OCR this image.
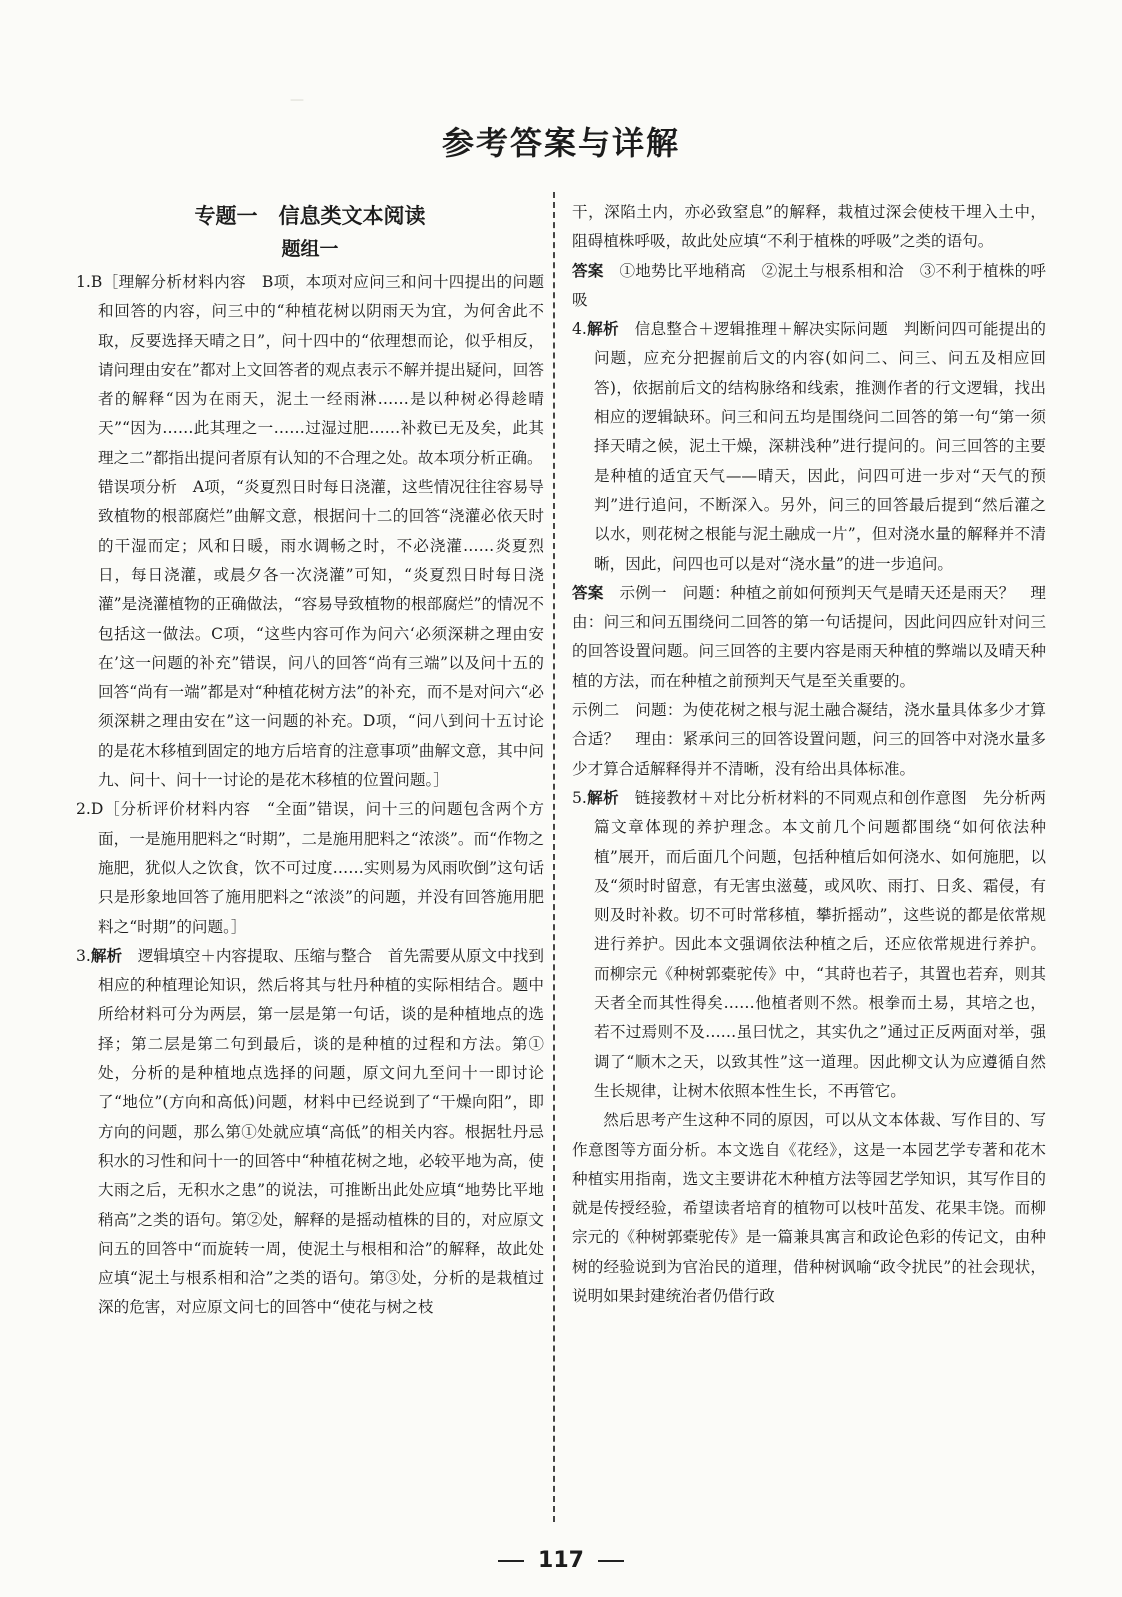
—
参考答案与详解
专题一　信息类文本阅读
题组一

1.B［理解分析材料内容　B项，本项对应问三和问十四提出的问题和回答的内容，问三中的“种植花树以阴雨天为宜，为何舍此不取，反要选择天晴之日”，问十四中的“依理想而论，似乎相反，请问理由安在”都对上文回答者的观点表示不解并提出疑问，回答者的解释“因为在雨天，泥土一经雨淋……是以种树必得趁晴天”“因为……此其理之一……过湿过肥……补救已无及矣，此其理之二”都指出提问者原有认知的不合理之处。故本项分析正确。

错误项分析　 A项，“炎夏烈日时每日浇灌，这些情况往往容易导致植物的根部腐烂”曲解文意，根据问十二的回答“浇灌必依天时的干湿而定；风和日暖，雨水调畅之时，不必浇灌……炎夏烈日，每日浇灌，或晨夕各一次浇灌”可知，“炎夏烈日时每日浇灌”是浇灌植物的正确做法，“容易导致植物的根部腐烂”的情况不包括这一做法。C项，“这些内容可作为问六‘必须深耕之理由安在’这一问题的补充”错误，问八的回答“尚有三端”以及问十五的回答“尚有一端”都是对“种植花树方法”的补充，而不是对问六“必须深耕之理由安在”这一问题的补充。D项，“问八到问十五讨论的是花木移植到固定的地方后培育的注意事项”曲解文意，其中问九、问十、问十一讨论的是花木移植的位置问题。］

2.D［分析评价材料内容　“全面”错误，问十三的问题包含两个方面，一是施用肥料之“时期”，二是施用肥料之“浓淡”。而“作物之施肥，犹似人之饮食，饮不可过度……实则易为风雨吹倒”这句话只是形象地回答了施用肥料之“浓淡”的问题，并没有回答施用肥料之“时期”的问题。］

3.解析　 逻辑填空＋内容提取、压缩与整合　首先需要从原文中找到相应的种植理论知识，然后将其与牡丹种植的实际相结合。题中所给材料可分为两层，第一层是第一句话，谈的是种植地点的选择；第二层是第二句到最后，谈的是种植的过程和方法。第①处，分析的是种植地点选择的问题，原文问九至问十一即讨论了“地位”(方向和高低)问题，材料中已经说到了“干燥向阳”，即方向的问题，那么第①处就应填“高低”的相关内容。根据牡丹忌积水的习性和问十一的回答中“种植花树之地，必较平地为高，使大雨之后，无积水之患”的说法，可推断出此处应填“地势比平地稍高”之类的语句。第②处，解释的是摇动植株的目的，对应原文问五的回答中“而旋转一周，使泥土与根相和洽”的解释，故此处应填“泥土与根系相和洽”之类的语句。第③处，分析的是栽植过深的危害，对应原文问七的回答中“使花与树之枝

干，深陷土内，亦必致窒息”的解释，栽植过深会使枝干埋入土中，阻碍植株呼吸，故此处应填“不利于植株的呼吸”之类的语句。

答案　 ①地势比平地稍高　②泥土与根系相和洽　③不利于植株的呼吸

4.解析　 信息整合＋逻辑推理＋解决实际问题　判断问四可能提出的问题，应充分把握前后文的内容(如问二、问三、问五及相应回答)，依据前后文的结构脉络和线索，推测作者的行文逻辑，找出相应的逻辑缺环。问三和问五均是围绕问二回答的第一句“第一须择天晴之候，泥土干燥，深耕浅种”进行提问的。问三回答的主要是种植的适宜天气——晴天，因此，问四可进一步对“天气的预判”进行追问，不断深入。另外，问三的回答最后提到“然后灌之以水，则花树之根能与泥土融成一片”，但对浇水量的解释并不清晰，因此，问四也可以是对“浇水量”的进一步追问。

答案　 示例一　问题：种植之前如何预判天气是晴天还是雨天？　理由：问三和问五围绕问二回答的第一句话提问，因此问四应针对问三的回答设置问题。问三回答的主要内容是雨天种植的弊端以及晴天种植的方法，而在种植之前预判天气是至关重要的。

示例二　问题：为使花树之根与泥土融合凝结，浇水量具体多少才算合适？　理由：紧承问三的回答设置问题，问三的回答中对浇水量多少才算合适解释得并不清晰，没有给出具体标准。

5.解析　 链接教材＋对比分析材料的不同观点和创作意图　先分析两篇文章体现的养护理念。本文前几个问题都围绕“如何依法种植”展开，而后面几个问题，包括种植后如何浇水、如何施肥，以及“须时时留意，有无害虫滋蔓，或风吹、雨打、日炙、霜侵，有则及时补救。切不可时常移植，攀折摇动”，这些说的都是依常规进行养护。因此本文强调依法种植之后，还应依常规进行养护。而柳宗元《种树郭橐驼传》中，“其莳也若子，其置也若弃，则其天者全而其性得矣……他植者则不然。根拳而土易，其培之也，若不过焉则不及……虽曰忧之，其实仇之”通过正反两面对举，强调了“顺木之天，以致其性”这一道理。因此柳文认为应遵循自然生长规律，让树木依照本性生长，不再管它。

然后思考产生这种不同的原因，可以从文本体裁、写作目的、写作意图等方面分析。本文选自《花经》，这是一本园艺学专著和花木种植实用指南，选文主要讲花木种植方法等园艺学知识，其写作目的就是传授经验，希望读者培育的植物可以枝叶茁发、花果丰饶。而柳宗元的《种树郭橐驼传》是一篇兼具寓言和政论色彩的传记文，由种树的经验说到为官治民的道理，借种树讽喻“政令扰民”的社会现状，说明如果封建统治者仍借行政

117
